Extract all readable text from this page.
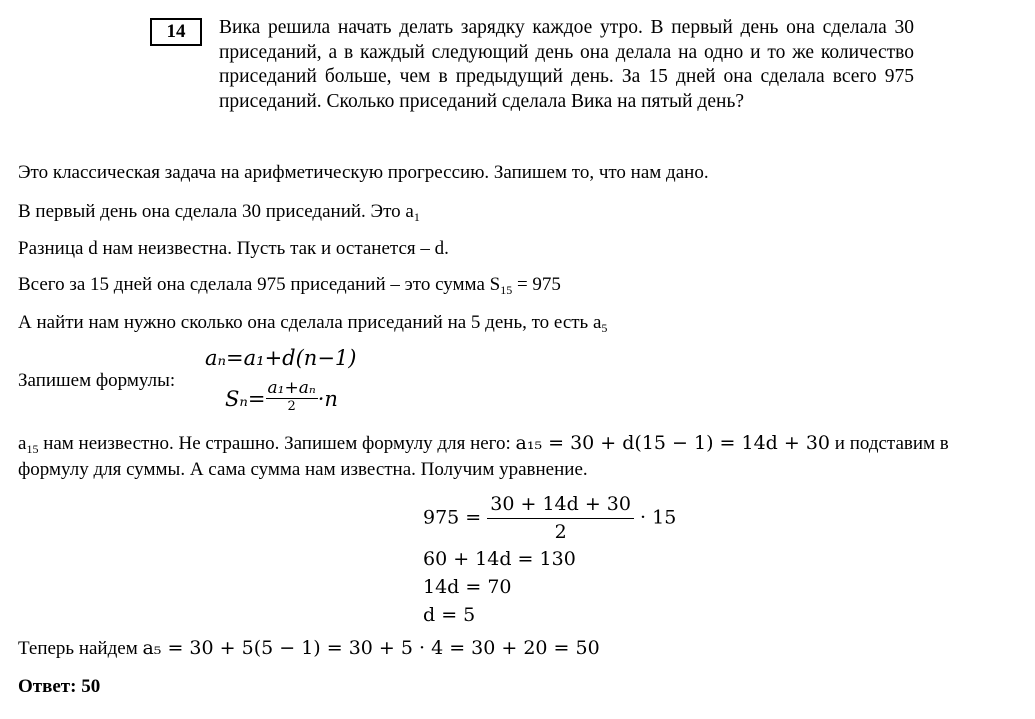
14	Вика решила начать делать зарядку каждое утро. В первый день она сделала 30 приседаний, а в каждый следующий день она делала на одно и то же количество приседаний больше, чем в предыдущий день. За 15 дней она сделала всего 975 приседаний. Сколько приседаний сделала Вика на пятый день?
Это классическая задача на арифметическую прогрессию. Запишем то, что нам дано.
В первый день она сделала 30 приседаний. Это $a_1$
Разница d нам неизвестна. Пусть так и останется – d.
Всего за 15 дней она сделала 975 приседаний – это сумма $S_{15} = 975$
А найти нам нужно сколько она сделала приседаний на 5 день, то есть $a_5$
Запишем формулы:
aₙ=a₁+d(n−1)
$S_n= \frac{\text{a₁+aₙ}}{2} \cdot n$
$a_{15}$ нам неизвестно. Не страшно. Запишем формулу для него: a₁₅ = 30 + d(15 − 1) = 14d + 30 и подставим в
формулу для суммы. А сама сумма нам известна. Получим уравнение.
$975 = \frac{30 + 14d + 30}{2} \cdot 15$
60 + 14d = 130
14d = 70
d = 5
Теперь найдем a₅ = 30 + 5(5 − 1) = 30 + 5 · 4 = 30 + 20 = 50
Ответ: 50
